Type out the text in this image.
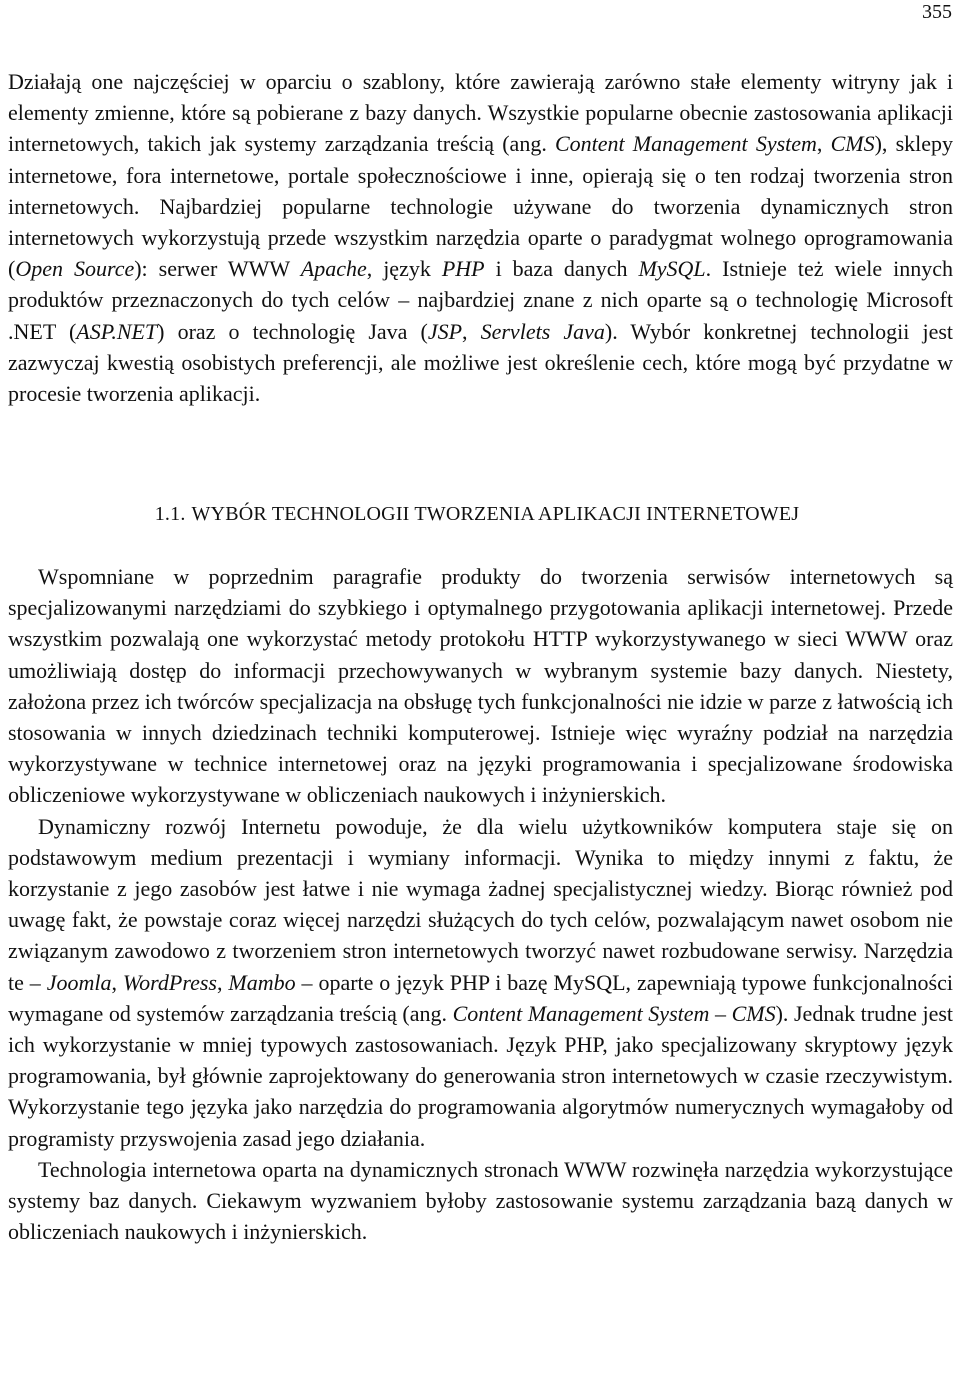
355

Działają one najczęściej w oparciu o szablony, które zawierają zarówno stałe elementy witryny jak i elementy zmienne, które są pobierane z bazy danych. Wszystkie popularne obecnie zastosowania aplikacji internetowych, takich jak systemy zarządzania treścią (ang. Content Management System, CMS), sklepy internetowe, fora internetowe, portale społecznościowe i inne, opierają się o ten rodzaj tworzenia stron internetowych. Najbardziej popularne technologie używane do tworzenia dynamicznych stron internetowych wykorzystują przede wszystkim narzędzia oparte o paradygmat wolnego oprogramowania (Open Source): serwer WWW Apache, język PHP i baza danych MySQL. Istnieje też wiele innych produktów przeznaczonych do tych celów – najbardziej znane z nich oparte są o technologię Microsoft .NET (ASP.NET) oraz o technologię Java (JSP, Servlets Java). Wybór konkretnej technologii jest zazwyczaj kwestią osobistych preferencji, ale możliwe jest określenie cech, które mogą być przydatne w procesie tworzenia aplikacji.

1.1. WYBÓR TECHNOLOGII TWORZENIA APLIKACJI INTERNETOWEJ

Wspomniane w poprzednim paragrafie produkty do tworzenia serwisów internetowych są specjalizowanymi narzędziami do szybkiego i optymalnego przygotowania aplikacji internetowej. Przede wszystkim pozwalają one wykorzystać metody protokołu HTTP wykorzystywanego w sieci WWW oraz umożliwiają dostęp do informacji przechowywanych w wybranym systemie bazy danych. Niestety, założona przez ich twórców specjalizacja na obsługę tych funkcjonalności nie idzie w parze z łatwością ich stosowania w innych dziedzinach techniki komputerowej. Istnieje więc wyraźny podział na narzędzia wykorzystywane w technice internetowej oraz na języki programowania i specjalizowane środowiska obliczeniowe wykorzystywane w obliczeniach naukowych i inżynierskich.

Dynamiczny rozwój Internetu powoduje, że dla wielu użytkowników komputera staje się on podstawowym medium prezentacji i wymiany informacji. Wynika to między innymi z faktu, że korzystanie z jego zasobów jest łatwe i nie wymaga żadnej specjalistycznej wiedzy. Biorąc również pod uwagę fakt, że powstaje coraz więcej narzędzi służących do tych celów, pozwalającym nawet osobom nie związanym zawodowo z tworzeniem stron internetowych tworzyć nawet rozbudowane serwisy. Narzędzia te – Joomla, WordPress, Mambo – oparte o język PHP i bazę MySQL, zapewniają typowe funkcjonalności wymagane od systemów zarządzania treścią (ang. Content Management System – CMS). Jednak trudne jest ich wykorzystanie w mniej typowych zastosowaniach. Język PHP, jako specjalizowany skryptowy język programowania, był głównie zaprojektowany do generowania stron internetowych w czasie rzeczywistym. Wykorzystanie tego języka jako narzędzia do programowania algorytmów numerycznych wymagałoby od programisty przyswojenia zasad jego działania.

Technologia internetowa oparta na dynamicznych stronach WWW rozwinęła narzędzia wykorzystujące systemy baz danych. Ciekawym wyzwaniem byłoby zastosowanie systemu zarządzania bazą danych w obliczeniach naukowych i inżynierskich.
